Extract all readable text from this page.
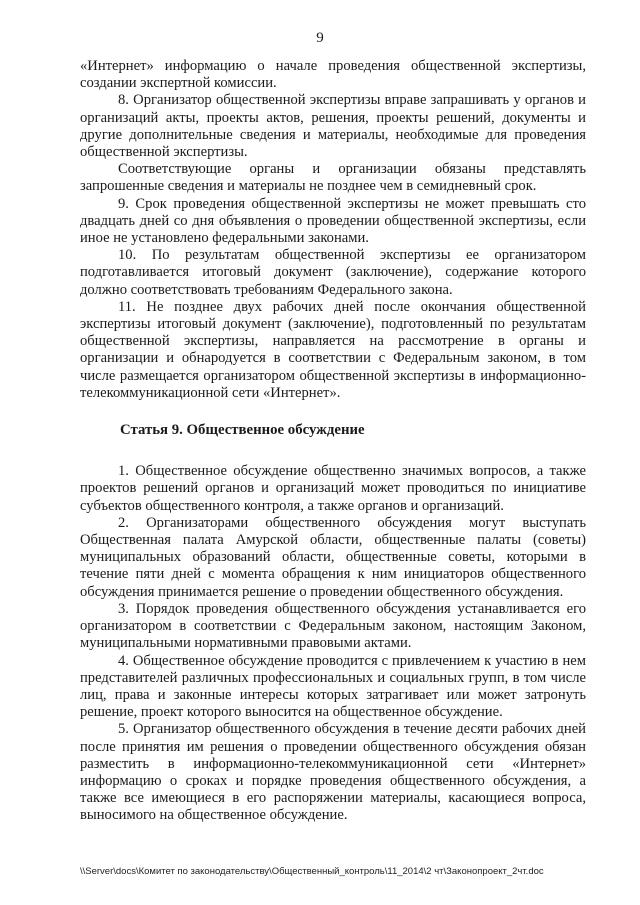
9

«Интернет» информацию о начале проведения общественной экспертизы, создании экспертной комиссии.

8. Организатор общественной экспертизы вправе запрашивать у органов и организаций акты, проекты актов, решения, проекты решений, документы и другие дополнительные сведения и материалы, необходимые для проведения общественной экспертизы.

Соответствующие органы и организации обязаны представлять запрошенные сведения и материалы не позднее чем в семидневный срок.

9. Срок проведения общественной экспертизы не может превышать сто двадцать дней со дня объявления о проведении общественной экспертизы, если иное не установлено федеральными законами.

10. По результатам общественной экспертизы ее организатором подготавливается итоговый документ (заключение), содержание которого должно соответствовать требованиям Федерального закона.

11. Не позднее двух рабочих дней после окончания общественной экспертизы итоговый документ (заключение), подготовленный по результатам общественной экспертизы, направляется на рассмотрение в органы и организации и обнародуется в соответствии с Федеральным законом, в том числе размещается организатором общественной экспертизы в информационно-телекоммуникационной сети «Интернет».

Статья 9. Общественное обсуждение

1. Общественное обсуждение общественно значимых вопросов, а также проектов решений органов и организаций может проводиться по инициативе субъектов общественного контроля, а также органов и организаций.

2. Организаторами общественного обсуждения могут выступать Общественная палата Амурской области, общественные палаты (советы) муниципальных образований области, общественные советы, которыми в течение пяти дней с момента обращения к ним инициаторов общественного обсуждения принимается решение о проведении общественного обсуждения.

3. Порядок проведения общественного обсуждения устанавливается его организатором в соответствии с Федеральным законом, настоящим Законом, муниципальными нормативными правовыми актами.

4. Общественное обсуждение проводится с привлечением к участию в нем представителей различных профессиональных и социальных групп, в том числе лиц, права и законные интересы которых затрагивает или может затронуть решение, проект которого выносится на общественное обсуждение.

5. Организатор общественного обсуждения в течение десяти рабочих дней после принятия им решения о проведении общественного обсуждения обязан разместить в информационно-телекоммуникационной сети «Интернет» информацию о сроках и порядке проведения общественного обсуждения, а также все имеющиеся в его распоряжении материалы, касающиеся вопроса, выносимого на общественное обсуждение.

\\Server\docs\Комитет по законодательству\Общественный_контроль\11_2014\2 чт\Законопроект_2чт.doc
